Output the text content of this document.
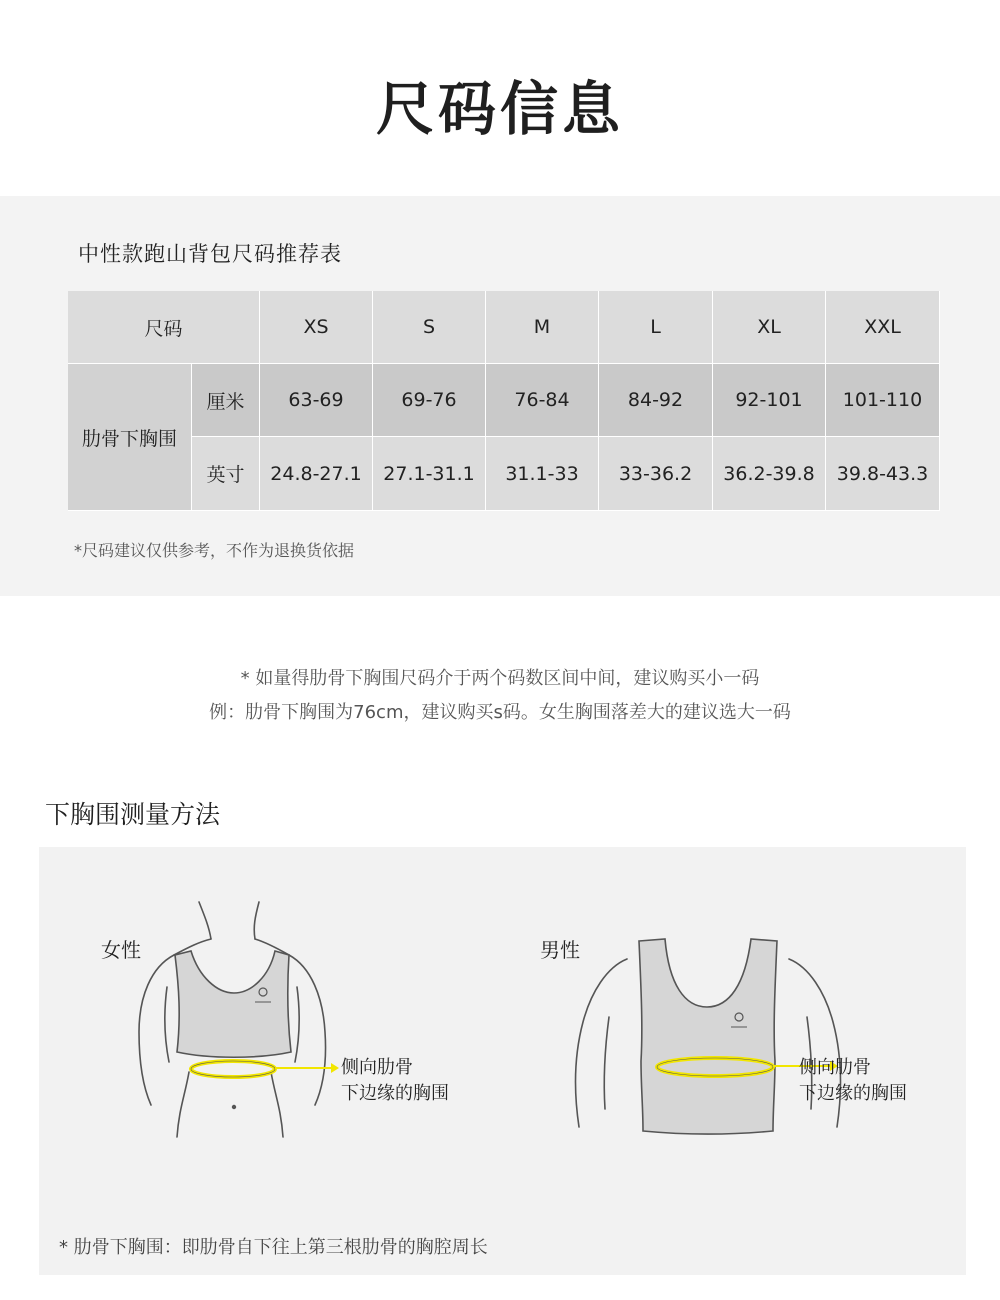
尺码信息
中性款跑山背包尺码推荐表
尺码	XS	S	M	L	XL	XXL
肋骨下胸围
厘米	63-69	69-76	76-84	84-92	92-101	101-110
英寸	24.8-27.1	27.1-31.1	31.1-33	33-36.2	36.2-39.8	39.8-43.3
*尺码建议仅供参考，不作为退换货依据
* 如量得肋骨下胸围尺码介于两个码数区间中间，建议购买小一码
例：肋骨下胸围为76cm，建议购买s码。女生胸围落差大的建议选大一码
下胸围测量方法
女性
侧向肋骨
下边缘的胸围
男性
侧向肋骨
下边缘的胸围
* 肋骨下胸围：即肋骨自下往上第三根肋骨的胸腔周长
